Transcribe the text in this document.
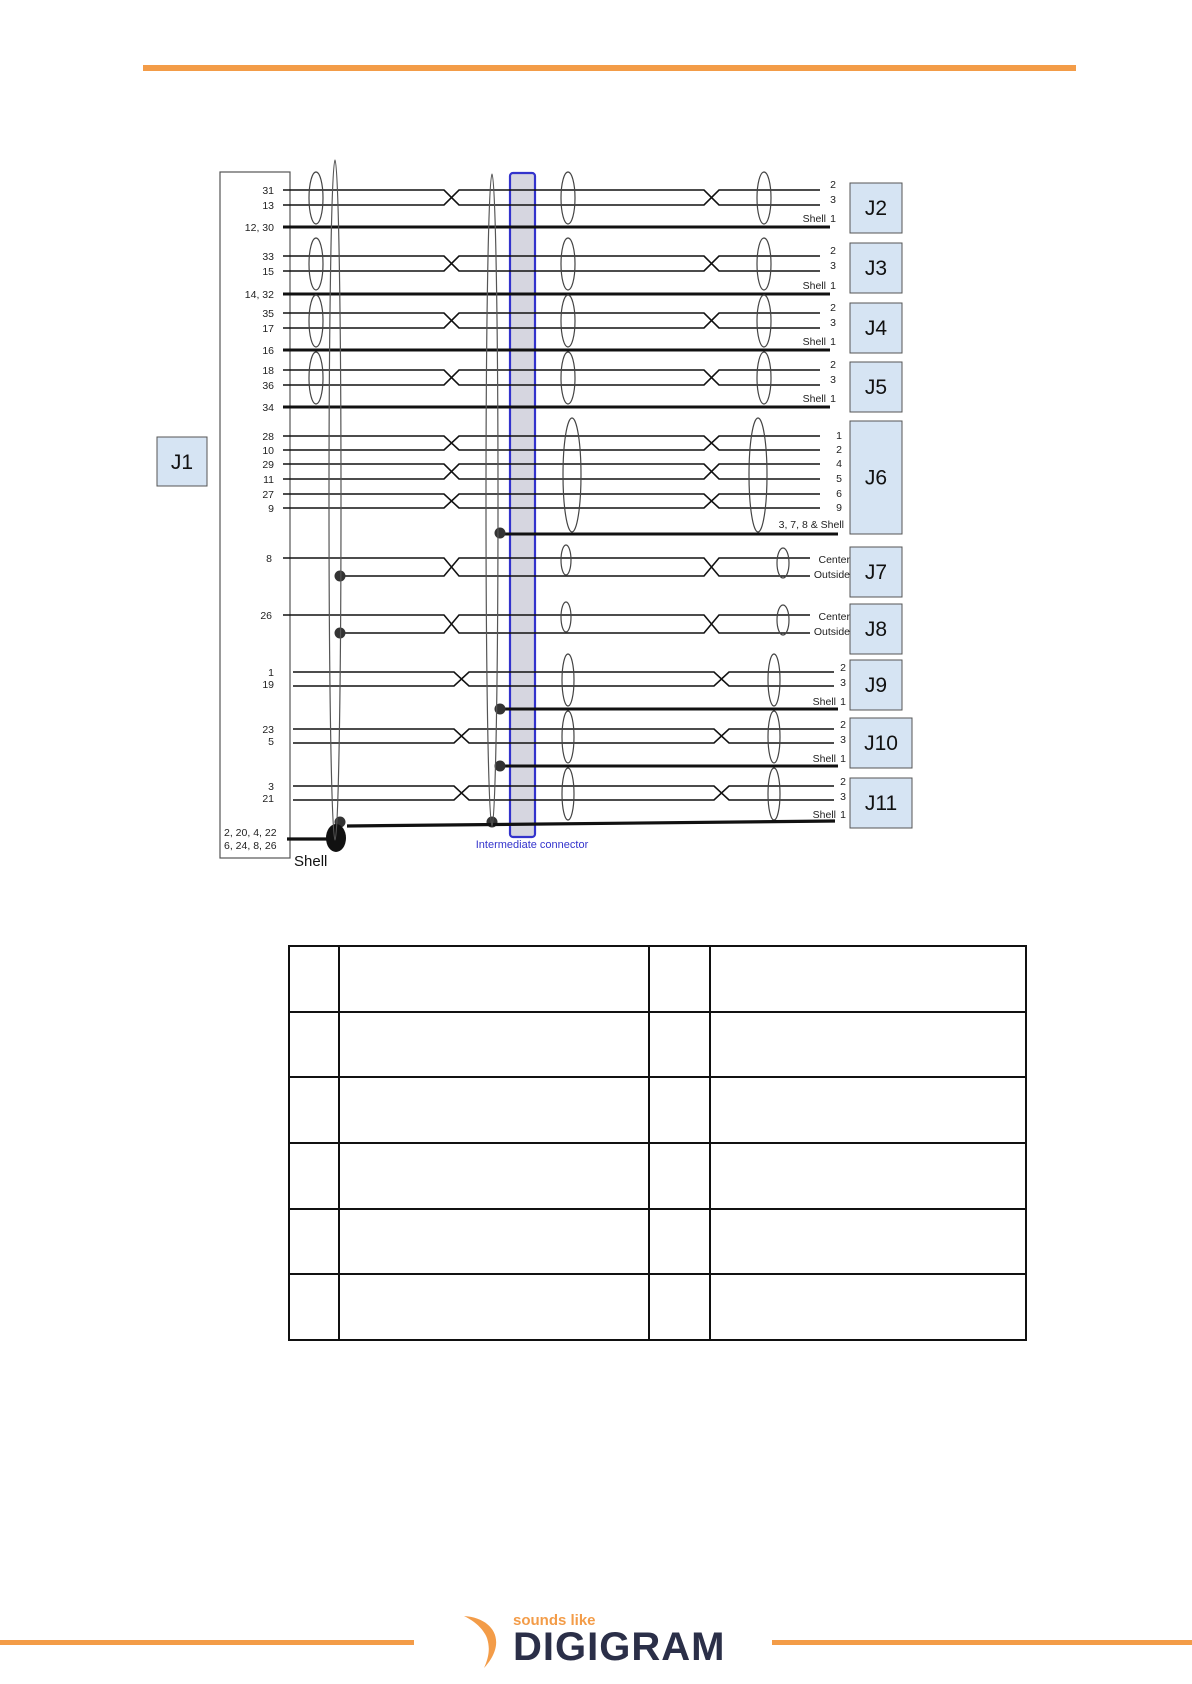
J1
Intermediate connector
31
13
12, 30
2
3
Shell 1 J2
33
15
14, 32
2
3
Shell 1
J3
35
17
16
2
3
Shell 1
J4
18
36
34
2
3
Shell 1 J5
28
10
29
11
27
9
1
2
4
5
6
9
3, 7, 8 & Shell
J6
8	Center
Outside J7
26	Center
Outside J8
1
19
2
3
Shell 1
J9
23
5
2
3
Shell 1
J10
3
21
2
3
Shell 1 J11
2, 20, 4, 22
6, 24, 8, 26
Shell

sounds like
DIGIGRAM
